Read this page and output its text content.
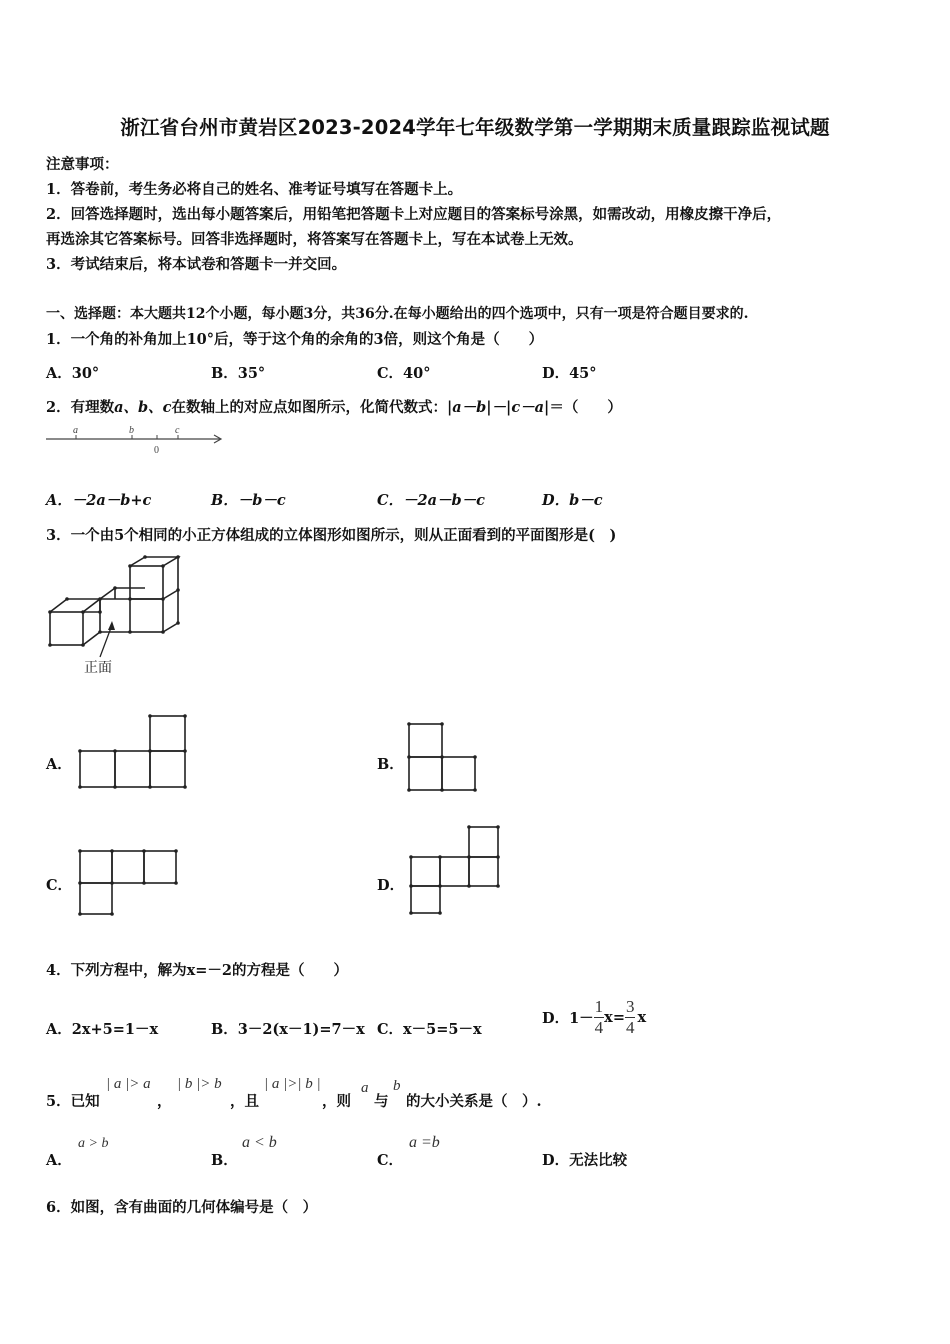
浙江省台州市黄岩区2023-2024学年七年级数学第一学期期末质量跟踪监视试题
注意事项：
1．答卷前，考生务必将自己的姓名、准考证号填写在答题卡上。
2．回答选择题时，选出每小题答案后，用铅笔把答题卡上对应题目的答案标号涂黑，如需改动，用橡皮擦干净后，
再选涂其它答案标号。回答非选择题时，将答案写在答题卡上，写在本试卷上无效。
3．考试结束后，将本试卷和答题卡一并交回。
一、选择题：本大题共12个小题，每小题3分，共36分.在每小题给出的四个选项中，只有一项是符合题目要求的.
1．一个角的补角加上10°后，等于这个角的余角的3倍，则这个角是（　　）
A．30°	B．35°	C．40°	D．45°
2．有理数a、b、c在数轴上的对应点如图所示，化简代数式：|a－b|－|c－a|＝（　　）
a	b	c
0
A．－2a－b+c	B．－b－c	C．－2a－b－c	D．b－c
3．一个由5个相同的小正方体组成的立体图形如图所示，则从正面看到的平面图形是(　)
正面
A．	B．
C．	D．
4．下列方程中，解为x=－2的方程是（　　）
A．2x+5=1－x	B．3－2(x－1)=7－x C．x－5=5－x
D． $1- \frac{1}{4} x= \frac{3}{4}$ x
5．已知
| a |> a
，
| b |> b
，且
| a |>| b |
，则
a
与
b
的大小关系是（　）.
A．
a > b
B．
a < b
C．
a =b
D．无法比较
6．如图，含有曲面的几何体编号是（　）
